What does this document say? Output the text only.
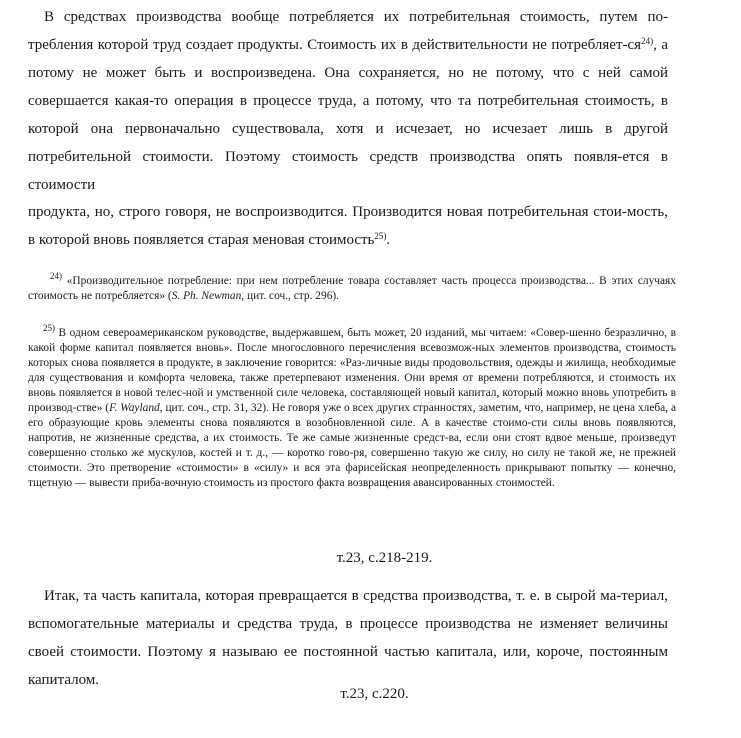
В средствах производства вообще потребляется их потребительная стоимость, путем по-требления которой труд создает продукты. Стоимость их в действительности не потребляет-$ся^{24)}$, а потому не может быть и воспроизведена. Она сохраняется, но не потому, что с ней самой совершается какая-то операция в процессе труда, а потому, что та потребительная стоимость, в которой она первоначально существовала, хотя и исчезает, но исчезает лишь в другой потребительной стоимости. Поэтому стоимость средств производства опять появля-ется в стоимости

продукта, но, строго говоря, не воспроизводится. Производится новая потребительная стои-мость, в которой вновь появляется старая меновая стоимость$^{25)}$.

$^{24)}$ «Производительное потребление: при нем потребление товара составляет часть процесса производства... В этих случаях стоимость не потребляется» (S. Ph. Newman, цит. соч., стр. 296).

$^{25)}$ В одном североамериканском руководстве, выдержавшем, быть может, 20 изданий, мы читаем: «Совер-шенно безразлично, в какой форме капитал появляется вновь». После многословного перечисления всевозмож-ных элементов производства, стоимость которых снова появляется в продукте, в заключение говорится: «Раз-личные виды продовольствия, одежды и жилища, необходимые для существования и комфорта человека, также претерпевают изменения. Они время от времени потребляются, и стоимость их вновь появляется в новой телес-ной и умственной силе человека, составляющей новый капитал, который можно вновь употребить в производ-стве» (F. Wayland, цит. соч., стр. 31, 32). Не говоря уже о всех других странностях, заметим, что, например, не цена хлеба, а его образующие кровь элементы снова появляются в возобновленной силе. А в качестве стоимо-сти силы вновь появляются, напротив, не жизненные средства, а их стоимость. Те же самые жизненные средст-ва, если они стоят вдвое меньше, произведут совершенно столько же мускулов, костей и т. д., — коротко гово-ря, совершенно такую же силу, но силу не такой же, не прежней стоимости. Это претворение «стоимости» в «силу» и вся эта фарисейская неопределенность прикрывают попытку — конечно, тщетную — вывести приба-вочную стоимость из простого факта возвращения авансированных стоимостей.

т.23, с.218-219.

Итак, та часть капитала, которая превращается в средства производства, т. е. в сырой ма-териал, вспомогательные материалы и средства труда, в процессе производства не изменяет величины своей стоимости. Поэтому я называю ее постоянной частью капитала, или, короче, постоянным капиталом.

т.23, с.220.
